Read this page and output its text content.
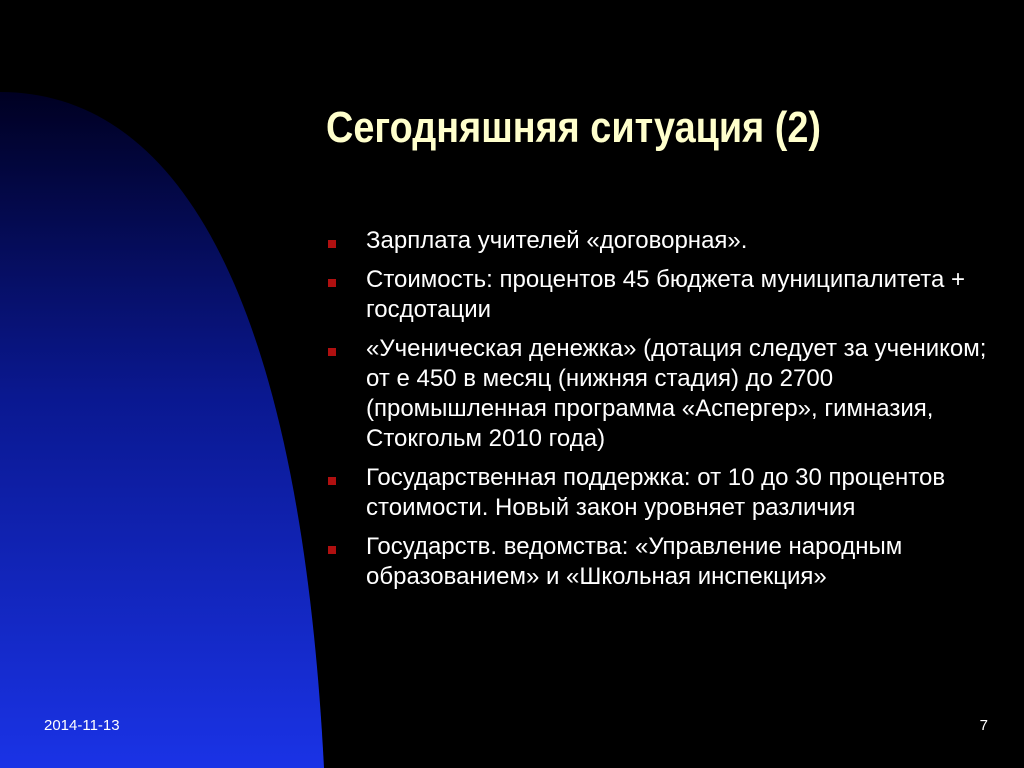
Сегодняшняя ситуация (2)
Зарплата учителей «договорная».
Стоимость: процентов 45 бюджета муниципалитета + госдотации
«Ученическая денежка» (дотация следует за учеником; от е 450 в месяц (нижняя стадия) до 2700 (промышленная программа «Аспергер», гимназия, Стокгольм 2010 года)
Государственная поддержка: от 10 до 30 процентов стоимости. Новый закон уровняет различия
Государств. ведомства: «Управление народным образованием» и «Школьная инспекция»
2014-11-13	7
